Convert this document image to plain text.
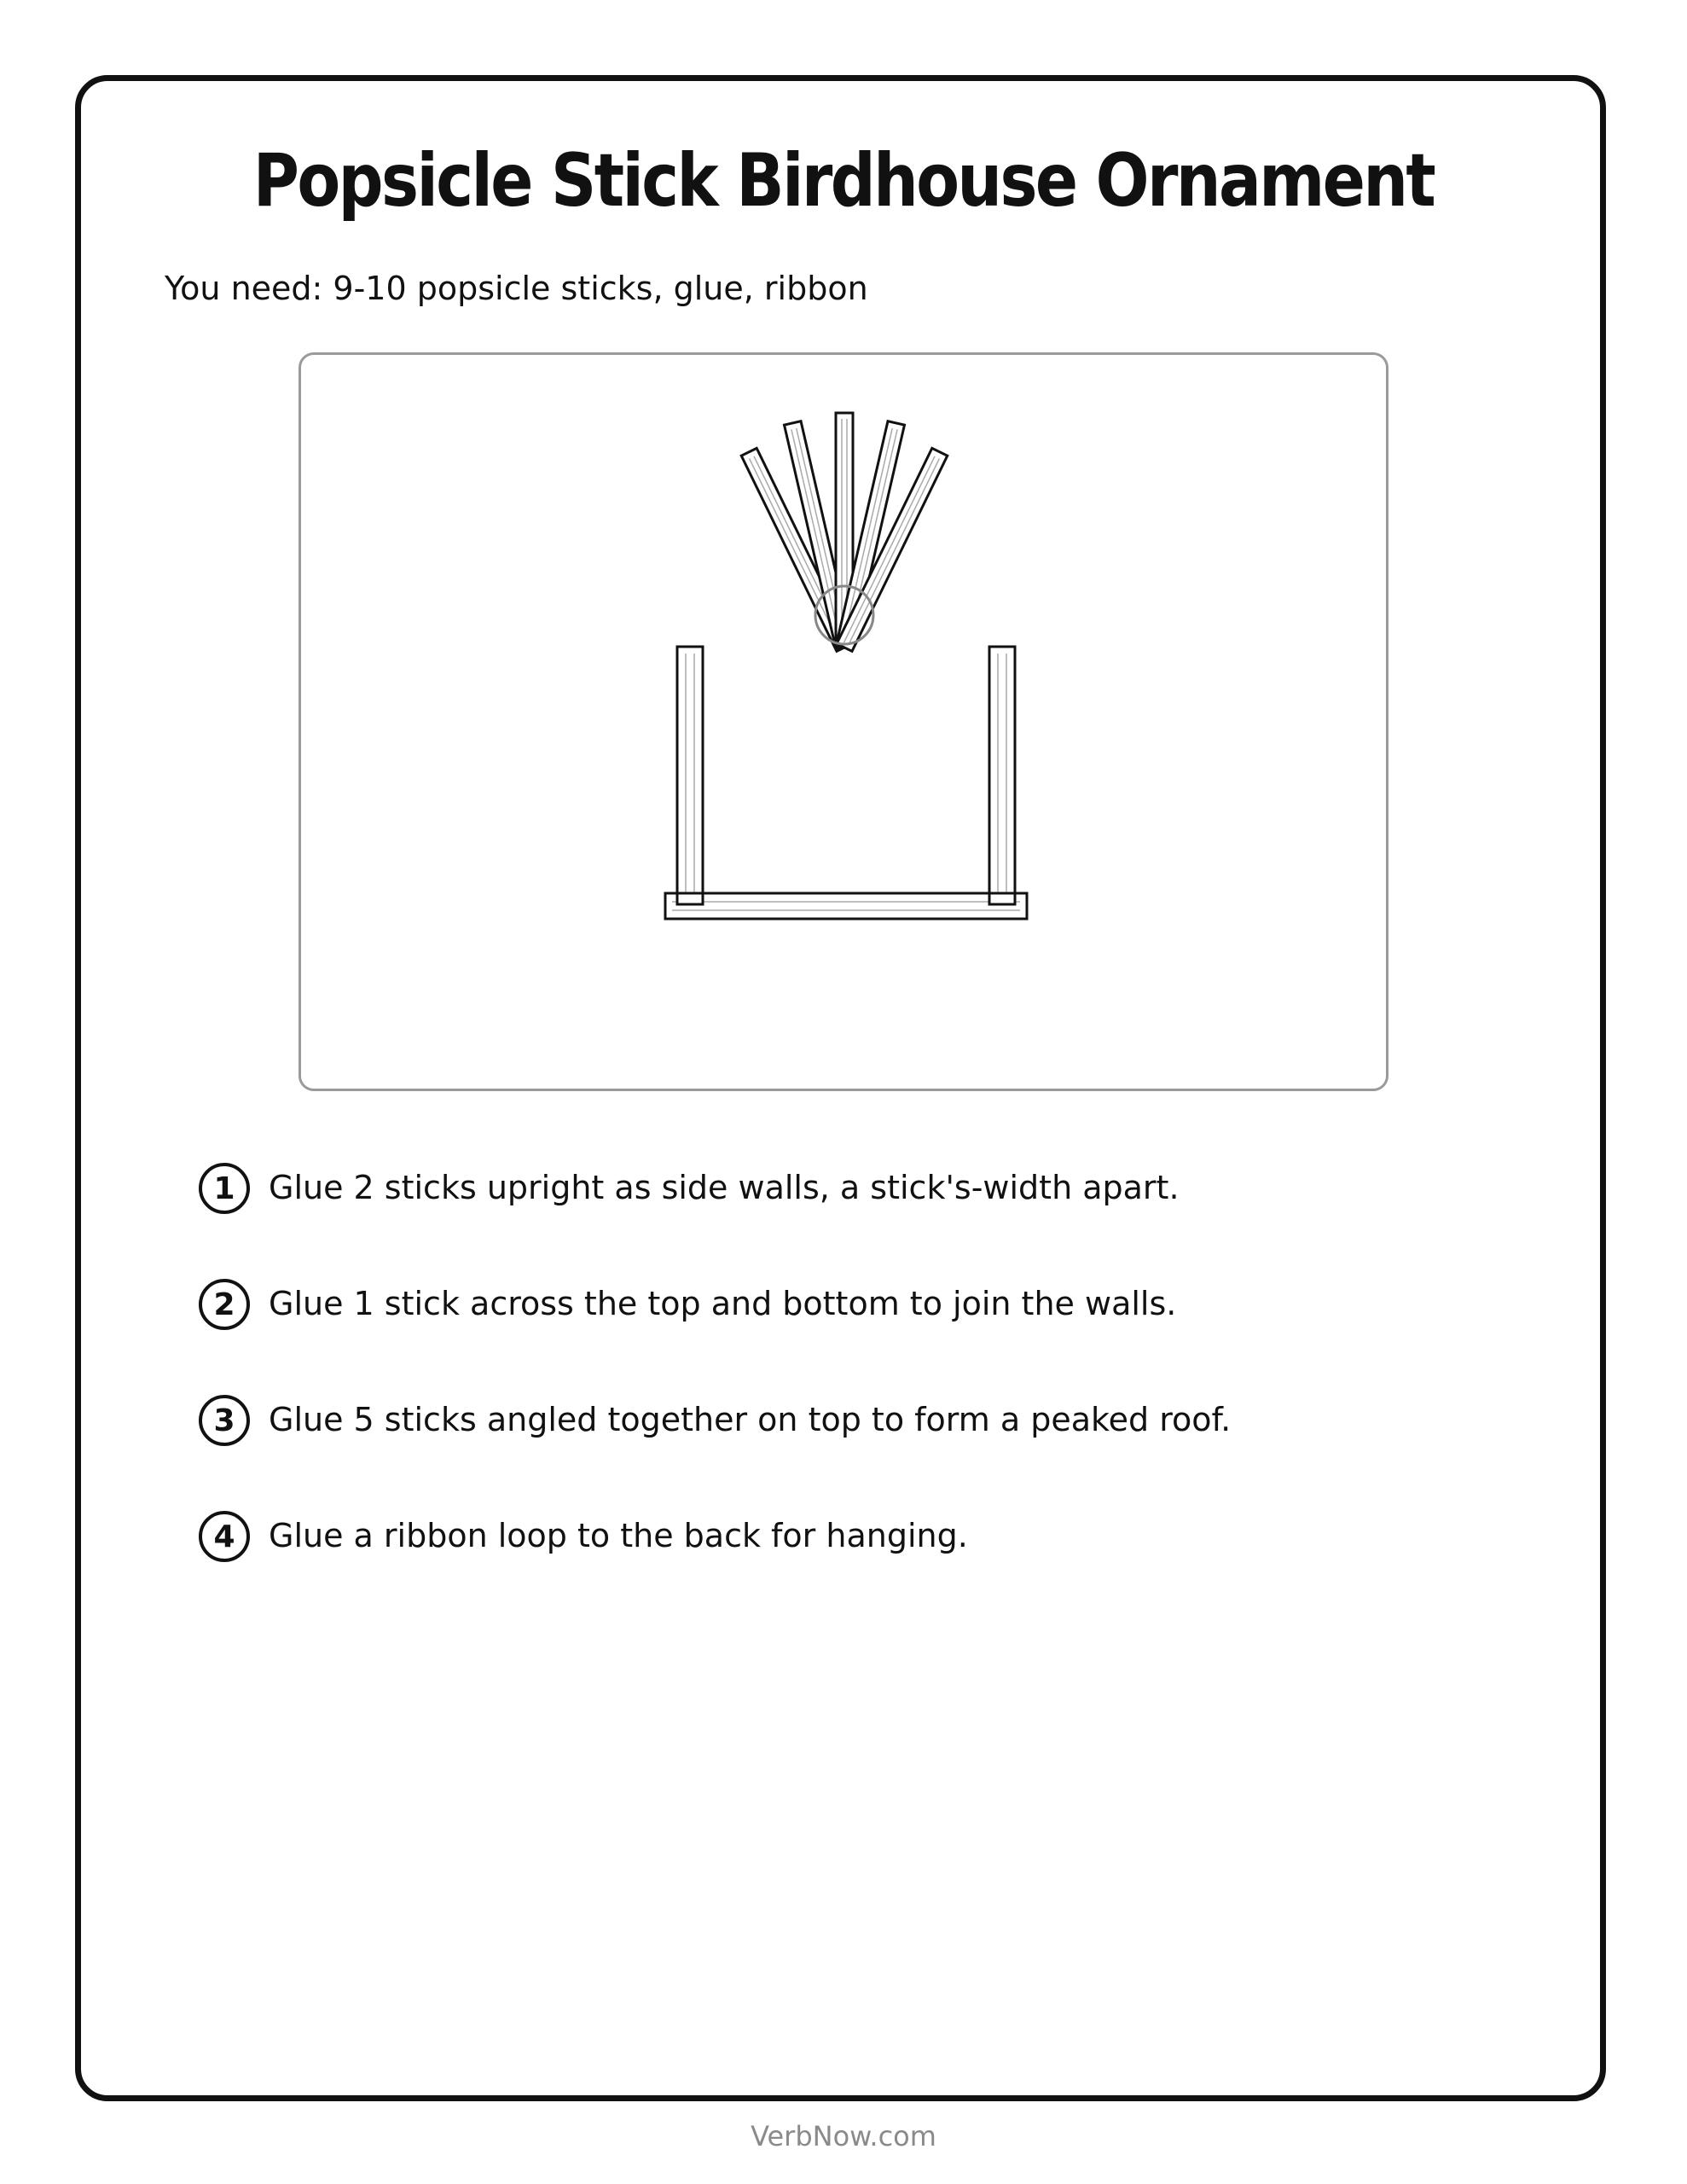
Popsicle Stick Birdhouse Ornament
You need: 9-10 popsicle sticks, glue, ribbon
1	Glue 2 sticks upright as side walls, a stick's-width apart.
2	Glue 1 stick across the top and bottom to join the walls.
3	Glue 5 sticks angled together on top to form a peaked roof.
4	Glue a ribbon loop to the back for hanging.
VerbNow.com
